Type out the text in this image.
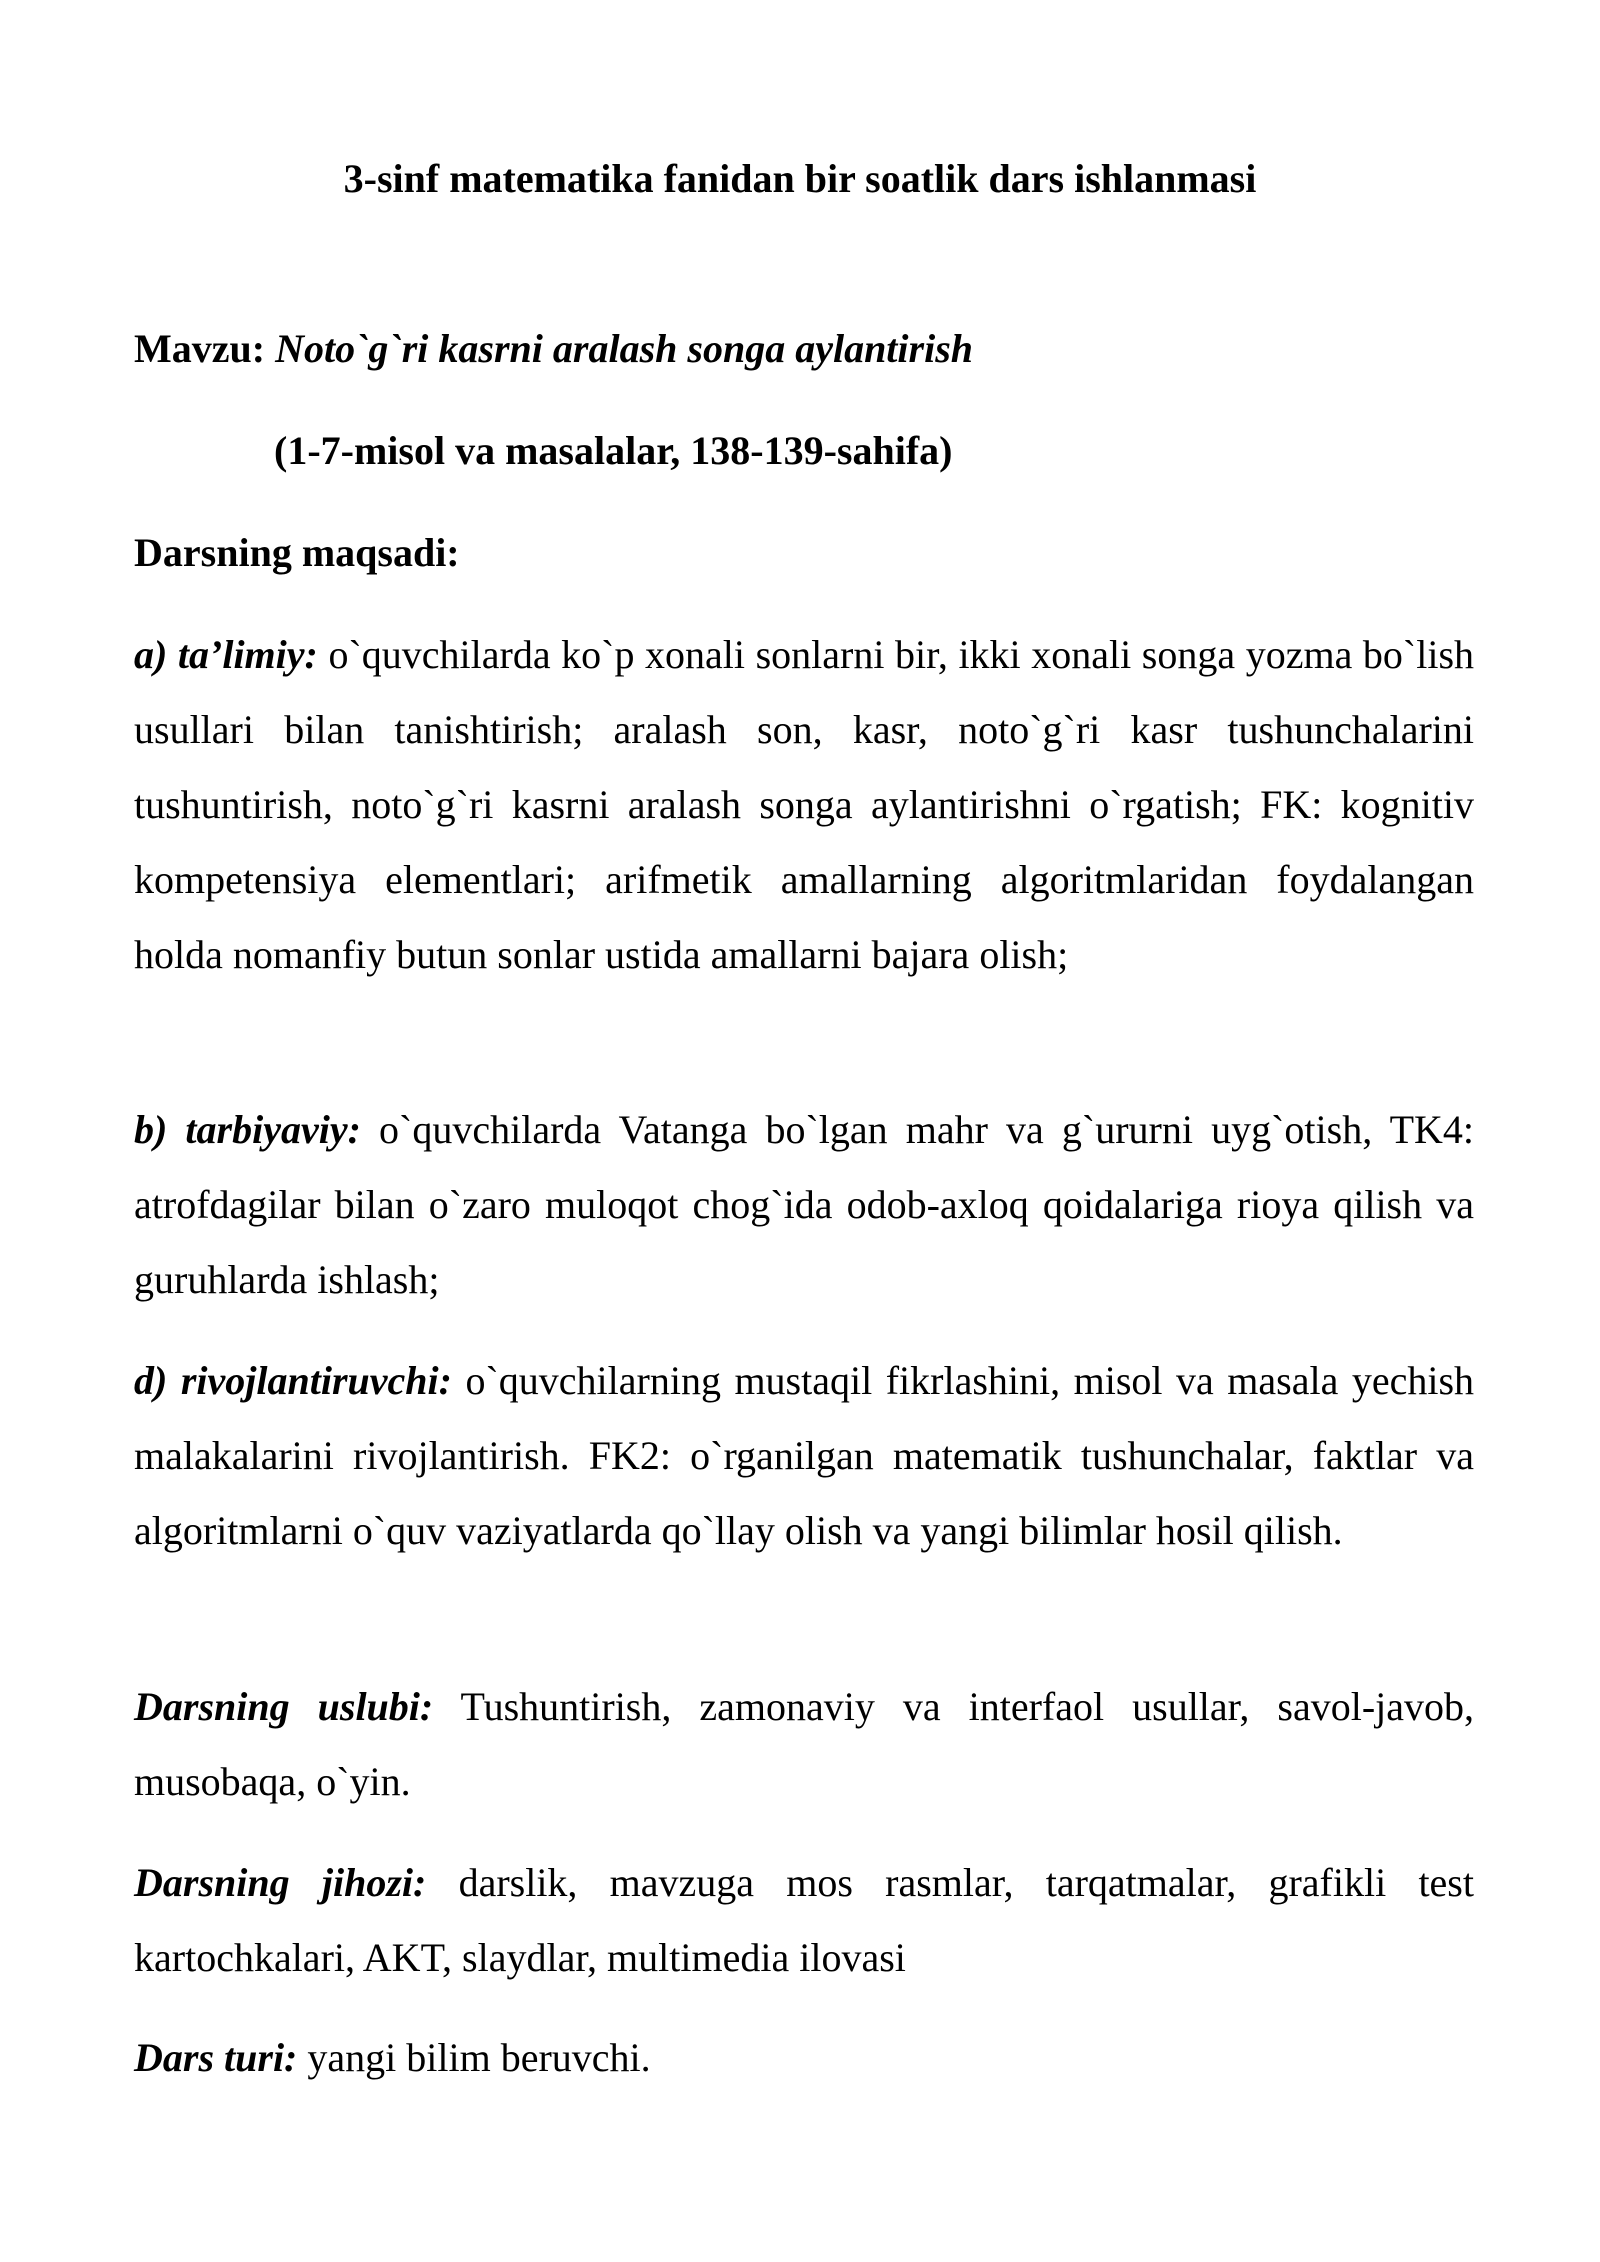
3-sinf matematika fanidan bir soatlik dars ishlanmasi
Mavzu: Noto`g`ri kasrni aralash songa aylantirish
(1-7-misol va masalalar, 138-139-sahifa)
Darsning maqsadi:
a) ta’limiy: o`quvchilarda ko`p xonali sonlarni bir, ikki xonali songa yozma bo`lish usullari bilan tanishtirish; aralash son, kasr, noto`g`ri kasr tushunchalarini tushuntirish, noto`g`ri kasrni aralash songa aylantirishni o`rgatish; FK: kognitiv kompetensiya elementlari; arifmetik amallarning algoritmlaridan foydalangan holda nomanfiy butun sonlar ustida amallarni bajara olish;
b) tarbiyaviy: o`quvchilarda Vatanga bo`lgan mahr va g`ururni uyg`otish, TK4: atrofdagilar bilan o`zaro muloqot chog`ida odob-axloq qoidalariga rioya qilish va guruhlarda ishlash;
d) rivojlantiruvchi: o`quvchilarning mustaqil fikrlashini, misol va masala yechish malakalarini rivojlantirish. FK2: o`rganilgan matematik tushunchalar, faktlar va algoritmlarni o`quv vaziyatlarda qo`llay olish va yangi bilimlar hosil qilish.
Darsning uslubi: Tushuntirish, zamonaviy va interfaol usullar, savol-javob, musobaqa, o`yin.
Darsning jihozi: darslik, mavzuga mos rasmlar, tarqatmalar, grafikli test kartochkalari, AKT, slaydlar, multimedia ilovasi
Dars turi: yangi bilim beruvchi.
